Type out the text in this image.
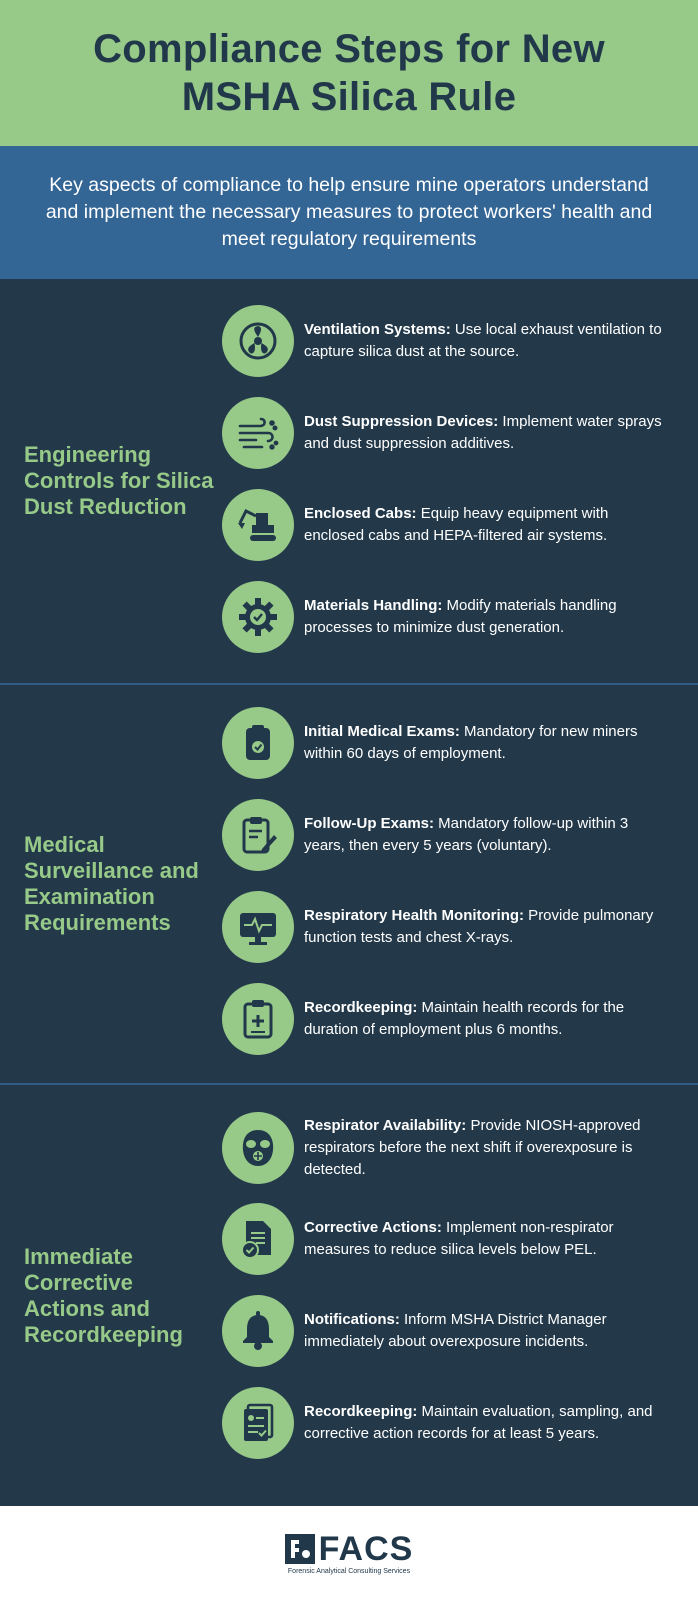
Compliance Steps for New
MSHA Silica Rule

Key aspects of compliance to help ensure mine operators understand and implement the necessary measures to protect workers' health and meet regulatory requirements

Engineering Controls for Silica Dust Reduction
Ventilation Systems: Use local exhaust ventilation to capture silica dust at the source.
Dust Suppression Devices: Implement water sprays and dust suppression additives.
Enclosed Cabs: Equip heavy equipment with enclosed cabs and HEPA-filtered air systems.
Materials Handling: Modify materials handling processes to minimize dust generation.
Medical Surveillance and Examination Requirements
Initial Medical Exams: Mandatory for new miners within 60 days of employment.
Follow-Up Exams: Mandatory follow-up within 3 years, then every 5 years (voluntary).
Respiratory Health Monitoring: Provide pulmonary function tests and chest X-rays.
Recordkeeping: Maintain health records for the duration of employment plus 6 months.
Immediate Corrective Actions and Recordkeeping
Respirator Availability: Provide NIOSH-approved respirators before the next shift if overexposure is detected.
Corrective Actions: Implement non-respirator measures to reduce silica levels below PEL.
Notifications: Inform MSHA District Manager immediately about overexposure incidents.
Recordkeeping: Maintain evaluation, sampling, and corrective action records for at least 5 years.
FACS
Forensic Analytical Consulting Services
